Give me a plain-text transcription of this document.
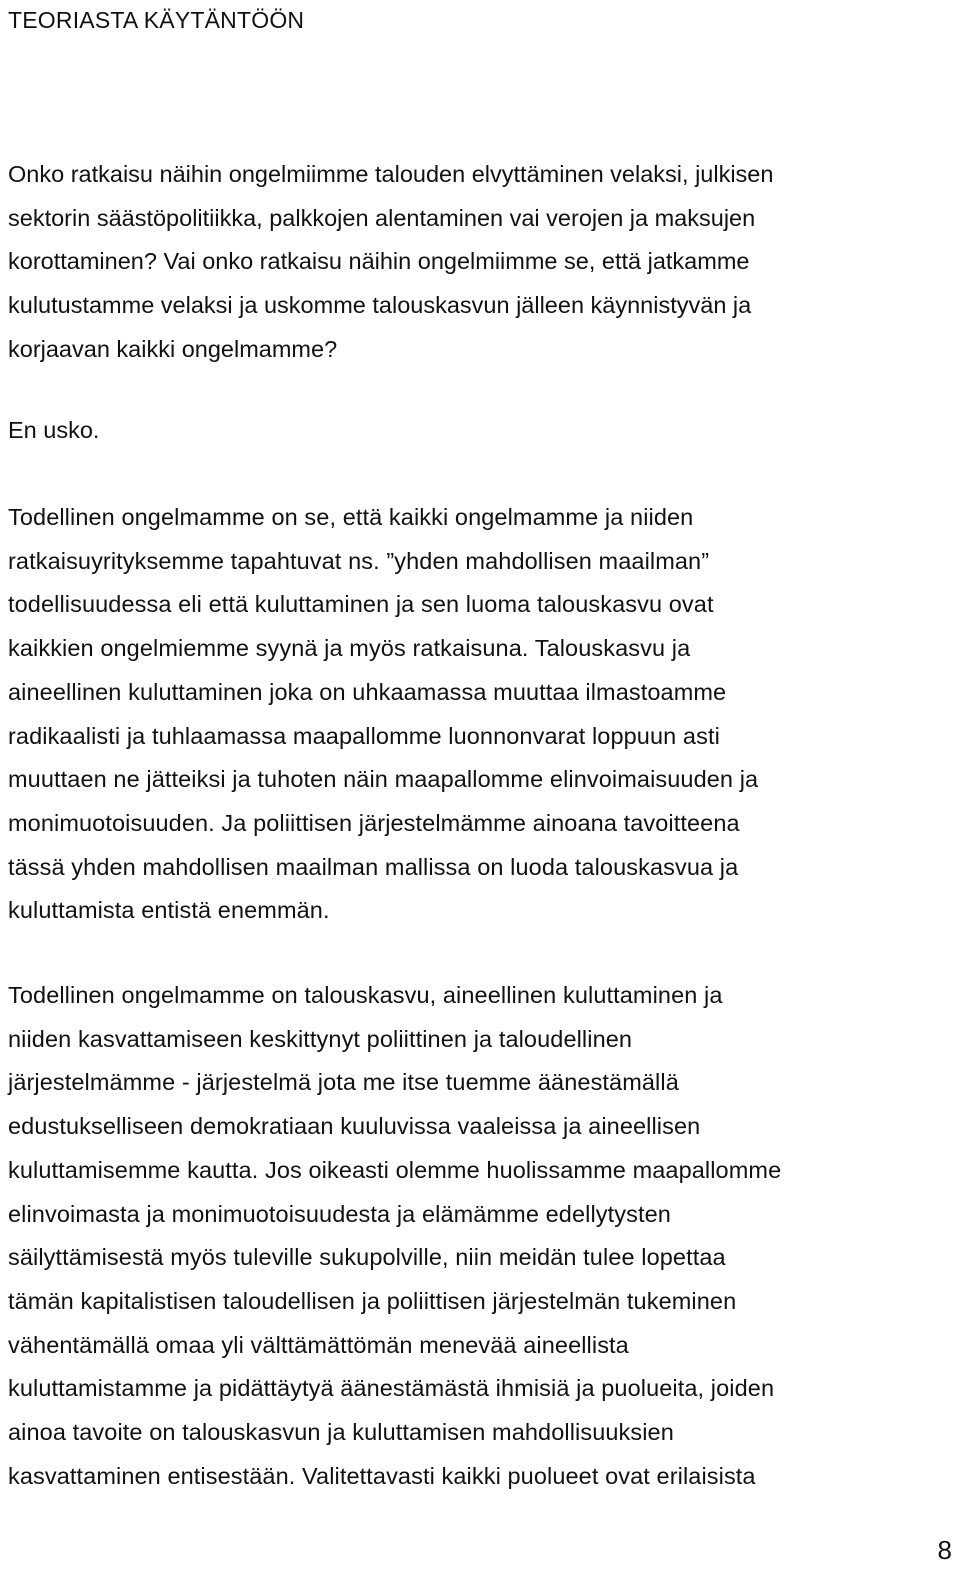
TEORIASTA KÄYTÄNTÖÖN

Onko ratkaisu näihin ongelmiimme talouden elvyttäminen velaksi, julkisen
sektorin säästöpolitiikka, palkkojen alentaminen vai verojen ja maksujen
korottaminen? Vai onko ratkaisu näihin ongelmiimme se, että jatkamme
kulutustamme velaksi ja uskomme talouskasvun jälleen käynnistyvän ja
korjaavan kaikki ongelmamme?

En usko.

Todellinen ongelmamme on se, että kaikki ongelmamme ja niiden
ratkaisuyrityksemme tapahtuvat ns. ”yhden mahdollisen maailman”
todellisuudessa eli että kuluttaminen ja sen luoma talouskasvu ovat
kaikkien ongelmiemme syynä ja myös ratkaisuna. Talouskasvu ja
aineellinen kuluttaminen joka on uhkaamassa muuttaa ilmastoamme
radikaalisti ja tuhlaamassa maapallomme luonnonvarat loppuun asti
muuttaen ne jätteiksi ja tuhoten näin maapallomme elinvoimaisuuden ja
monimuotoisuuden. Ja poliittisen järjestelmämme ainoana tavoitteena
tässä yhden mahdollisen maailman mallissa on luoda talouskasvua ja
kuluttamista entistä enemmän.

Todellinen ongelmamme on talouskasvu, aineellinen kuluttaminen ja
niiden kasvattamiseen keskittynyt poliittinen ja taloudellinen
järjestelmämme - järjestelmä jota me itse tuemme äänestämällä
edustukselliseen demokratiaan kuuluvissa vaaleissa ja aineellisen
kuluttamisemme kautta. Jos oikeasti olemme huolissamme maapallomme
elinvoimasta ja monimuotoisuudesta ja elämämme edellytysten
säilyttämisestä myös tuleville sukupolville, niin meidän tulee lopettaa
tämän kapitalistisen taloudellisen ja poliittisen järjestelmän tukeminen
vähentämällä omaa yli välttämättömän menevää aineellista
kuluttamistamme ja pidättäytyä äänestämästä ihmisiä ja puolueita, joiden
ainoa tavoite on talouskasvun ja kuluttamisen mahdollisuuksien
kasvattaminen entisestään. Valitettavasti kaikki puolueet ovat erilaisista

8
